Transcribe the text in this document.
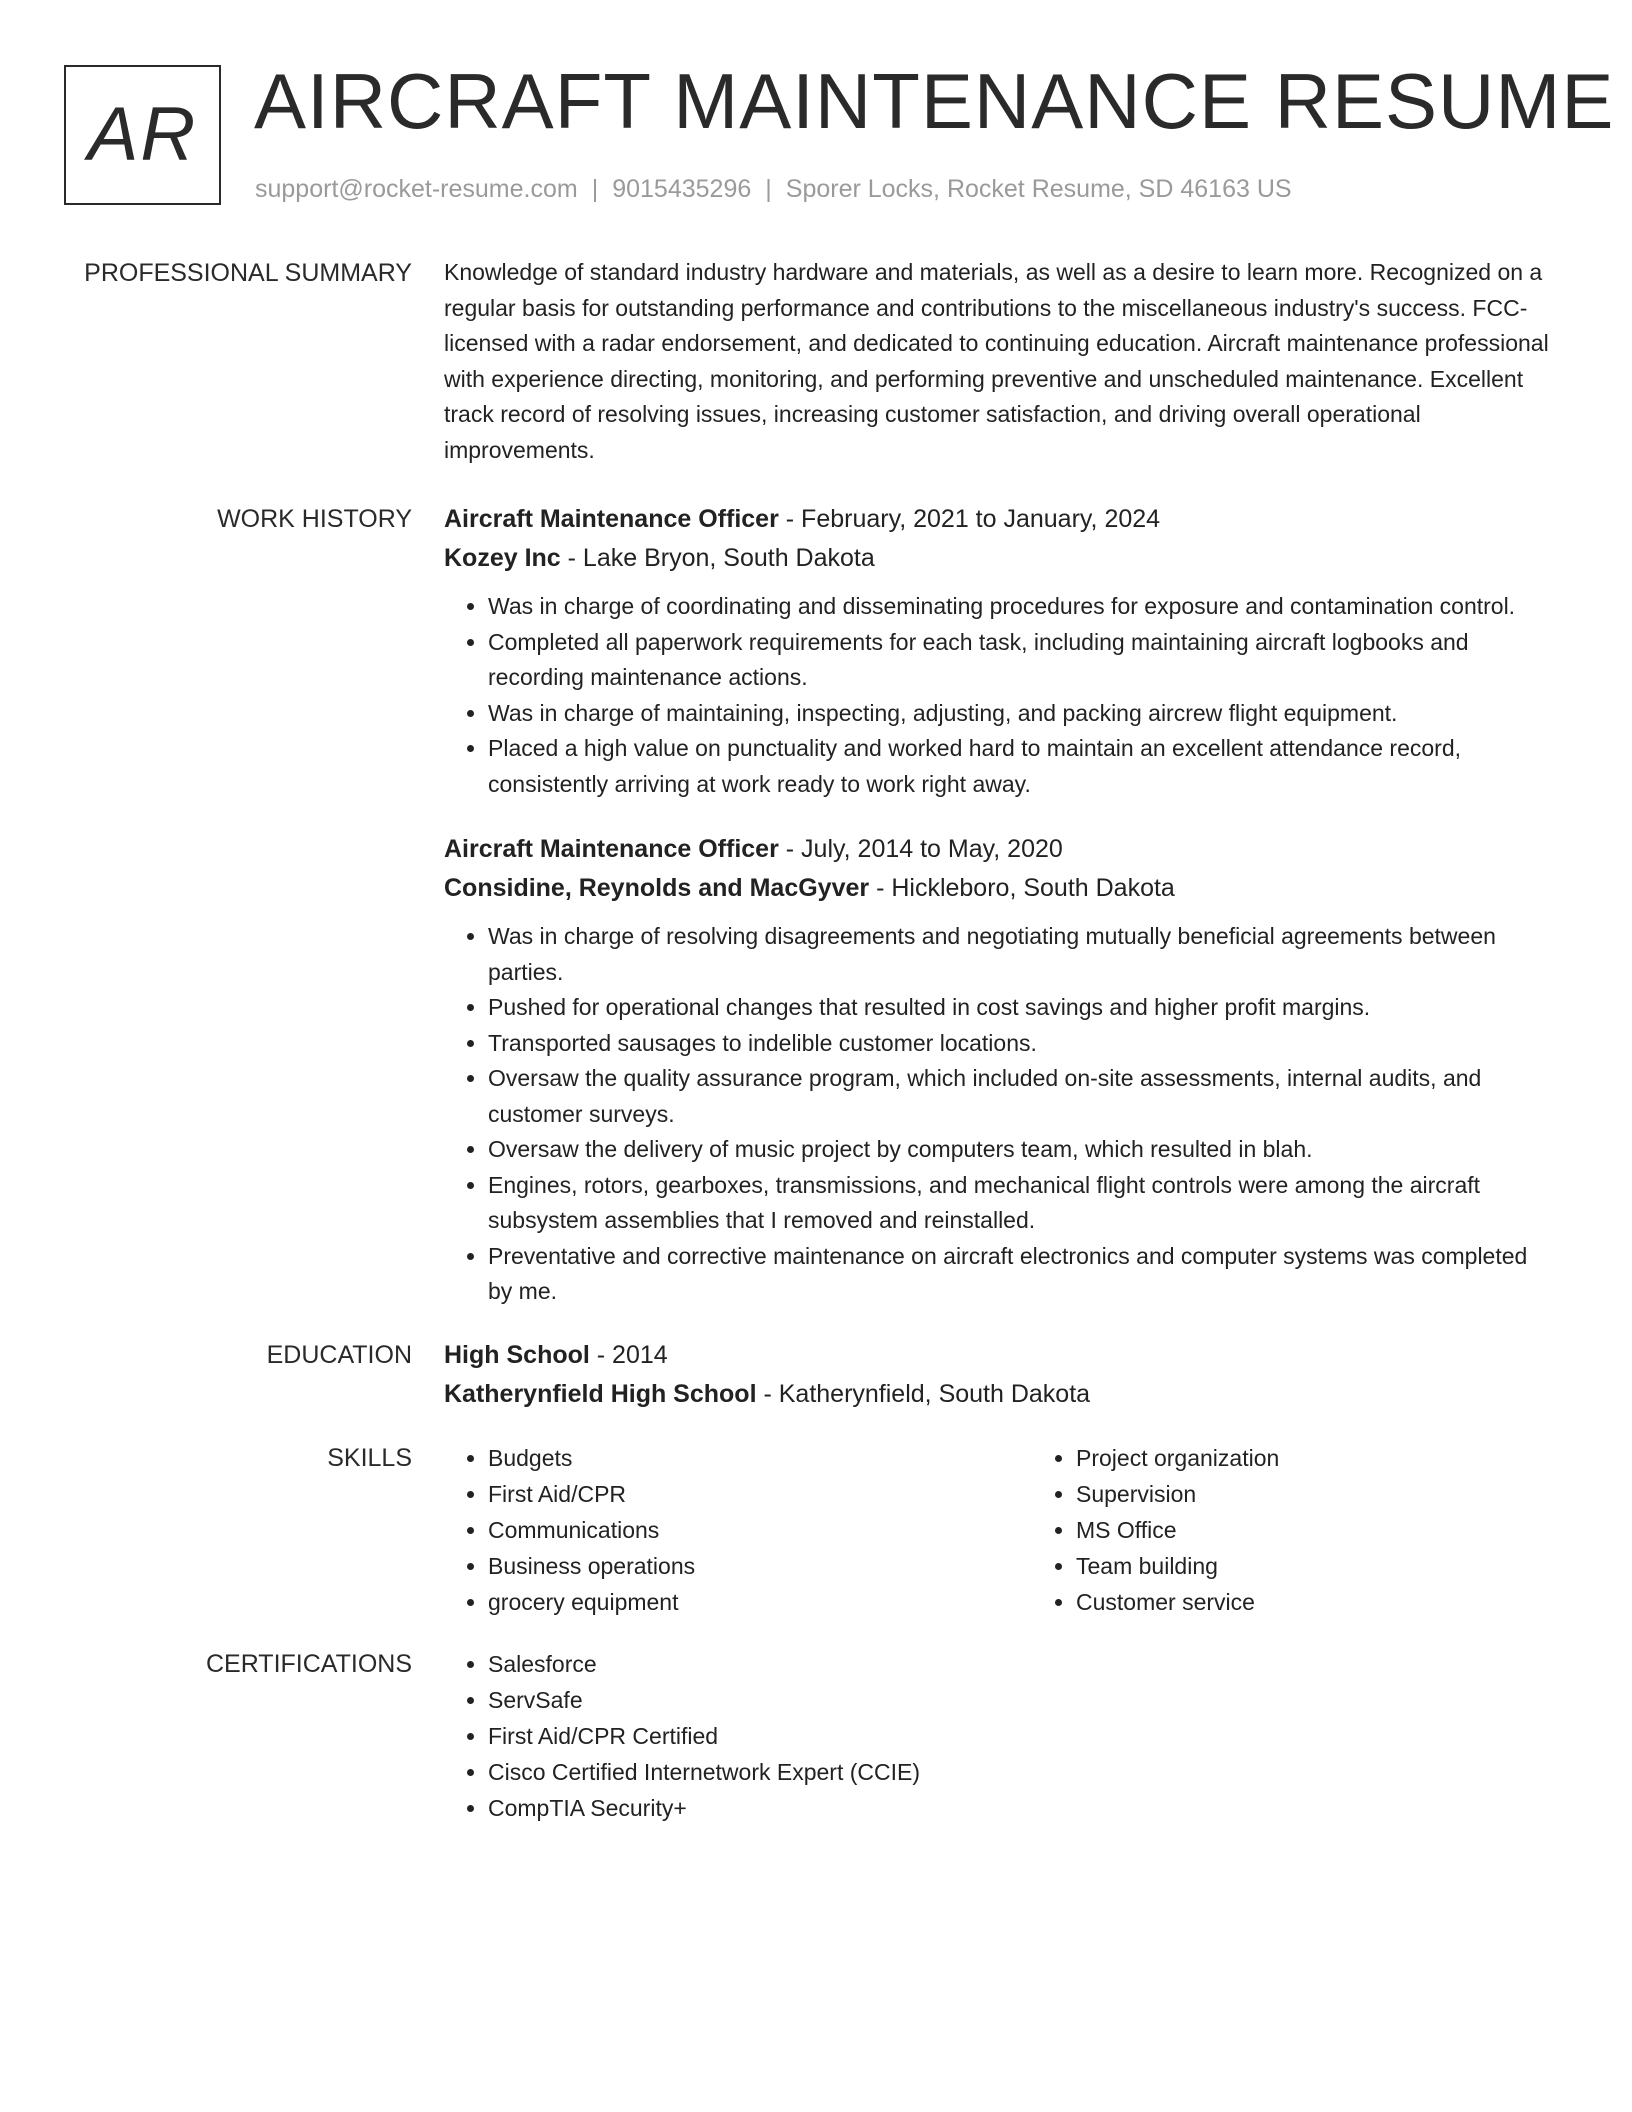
AR AIRCRAFT MAINTENANCE RESUME
support@rocket-resume.com | 9015435296 | Sporer Locks, Rocket Resume, SD 46163 US
PROFESSIONAL SUMMARY Knowledge of standard industry hardware and materials, as well as a desire to learn more. Recognized on a regular basis for outstanding performance and contributions to the miscellaneous industry's success. FCC-licensed with a radar endorsement, and dedicated to continuing education. Aircraft maintenance professional with experience directing, monitoring, and performing preventive and unscheduled maintenance. Excellent track record of resolving issues, increasing customer satisfaction, and driving overall operational improvements.

WORK HISTORY Aircraft Maintenance Officer - February, 2021 to January, 2024
Kozey Inc - Lake Bryon, South Dakota
• Was in charge of coordinating and disseminating procedures for exposure and contamination control.
• Completed all paperwork requirements for each task, including maintaining aircraft logbooks and recording maintenance actions.
• Was in charge of maintaining, inspecting, adjusting, and packing aircrew flight equipment.
• Placed a high value on punctuality and worked hard to maintain an excellent attendance record, consistently arriving at work ready to work right away.
Aircraft Maintenance Officer - July, 2014 to May, 2020
Considine, Reynolds and MacGyver - Hickleboro, South Dakota
• Was in charge of resolving disagreements and negotiating mutually beneficial agreements between parties.
• Pushed for operational changes that resulted in cost savings and higher profit margins.
• Transported sausages to indelible customer locations.
• Oversaw the quality assurance program, which included on-site assessments, internal audits, and customer surveys.
• Oversaw the delivery of music project by computers team, which resulted in blah.
• Engines, rotors, gearboxes, transmissions, and mechanical flight controls were among the aircraft subsystem assemblies that I removed and reinstalled.
• Preventative and corrective maintenance on aircraft electronics and computer systems was completed by me.
EDUCATION High School - 2014
Katherynfield High School - Katherynfield, South Dakota
SKILLS	• Budgets
• First Aid/CPR
• Communications
• Business operations
• grocery equipment
• Project organization
• Supervision
• MS Office
• Team building
• Customer service
CERTIFICATIONS	• Salesforce
• ServSafe
• First Aid/CPR Certified
• Cisco Certified Internetwork Expert (CCIE)
• CompTIA Security+
